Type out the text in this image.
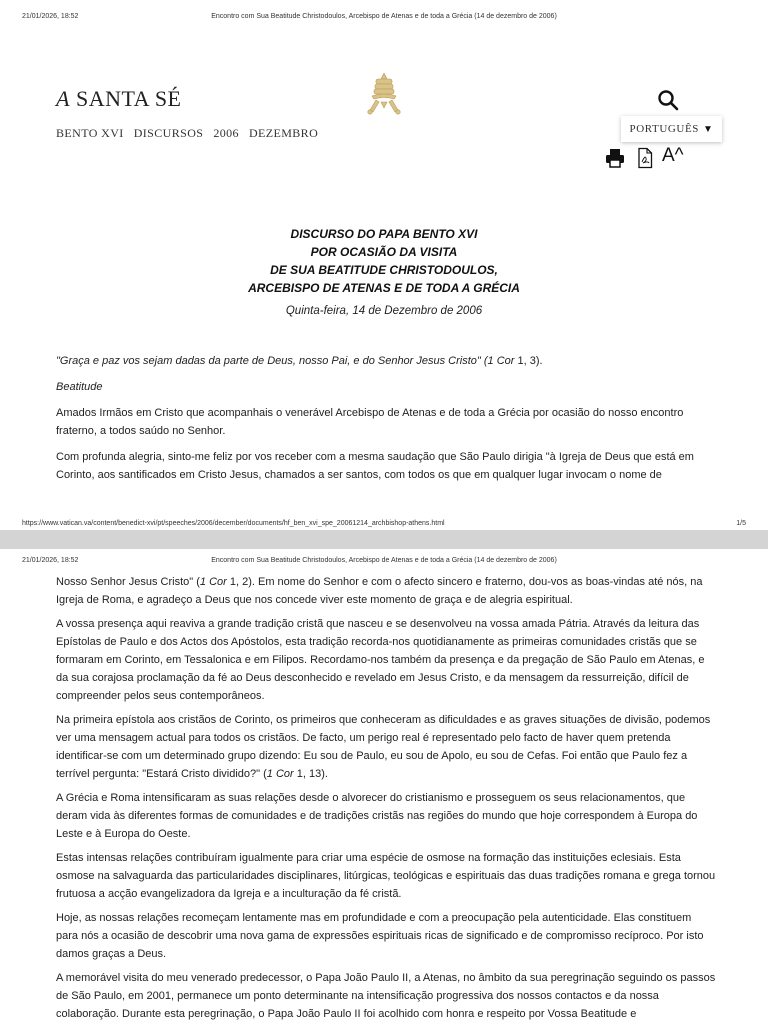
21/01/2026, 18:52	Encontro com Sua Beatitude Christodoulos, Arcebispo de Atenas e de toda a Grécia (14 de dezembro de 2006)
A SANTA SÉ
BENTO XVI DISCURSOS 2006 DEZEMBRO	PORTUGUÊS ▼
A^
DISCURSO DO PAPA BENTO XVI
POR OCASIÃO DA VISITA
DE SUA BEATITUDE CHRISTODOULOS,
ARCEBISPO DE ATENAS E DE TODA A GRÉCIA
Quinta-feira, 14 de Dezembro de 2006

"Graça e paz vos sejam dadas da parte de Deus, nosso Pai, e do Senhor Jesus Cristo" (1 Cor 1, 3).

Beatitude

Amados Irmãos em Cristo que acompanhais o venerável Arcebispo de Atenas e de toda a Grécia por ocasião do nosso encontro fraterno, a todos saúdo no Senhor.

Com profunda alegria, sinto-me feliz por vos receber com a mesma saudação que São Paulo dirigia "à Igreja de Deus que está em Corinto, aos santificados em Cristo Jesus, chamados a ser santos, com todos os que em qualquer lugar invocam o nome de

https://www.vatican.va/content/benedict-xvi/pt/speeches/2006/december/documents/hf_ben_xvi_spe_20061214_archbishop-athens.html	1/5
21/01/2026, 18:52	Encontro com Sua Beatitude Christodoulos, Arcebispo de Atenas e de toda a Grécia (14 de dezembro de 2006)

Nosso Senhor Jesus Cristo" (1 Cor 1, 2). Em nome do Senhor e com o afecto sincero e fraterno, dou-vos as boas-vindas até nós, na Igreja de Roma, e agradeço a Deus que nos concede viver este momento de graça e de alegria espiritual.

A vossa presença aqui reaviva a grande tradição cristã que nasceu e se desenvolveu na vossa amada Pátria. Através da leitura das Epístolas de Paulo e dos Actos dos Apóstolos, esta tradição recorda-nos quotidianamente as primeiras comunidades cristãs que se formaram em Corinto, em Tessalonica e em Filipos. Recordamo-nos também da presença e da pregação de São Paulo em Atenas, e da sua corajosa proclamação da fé ao Deus desconhecido e revelado em Jesus Cristo, e da mensagem da ressurreição, difícil de compreender pelos seus contemporâneos.

Na primeira epístola aos cristãos de Corinto, os primeiros que conheceram as dificuldades e as graves situações de divisão, podemos ver uma mensagem actual para todos os cristãos. De facto, um perigo real é representado pelo facto de haver quem pretenda identificar-se com um determinado grupo dizendo: Eu sou de Paulo, eu sou de Apolo, eu sou de Cefas. Foi então que Paulo fez a terrível pergunta: "Estará Cristo dividido?" (1 Cor 1, 13).

A Grécia e Roma intensificaram as suas relações desde o alvorecer do cristianismo e prosseguem os seus relacionamentos, que deram vida às diferentes formas de comunidades e de tradições cristãs nas regiões do mundo que hoje correspondem à Europa do Leste e à Europa do Oeste.

Estas intensas relações contribuíram igualmente para criar uma espécie de osmose na formação das instituições eclesiais. Esta osmose na salvaguarda das particularidades disciplinares, litúrgicas, teológicas e espirituais das duas tradições romana e grega tornou frutuosa a acção evangelizadora da Igreja e a inculturação da fé cristã.

Hoje, as nossas relações recomeçam lentamente mas em profundidade e com a preocupação pela autenticidade. Elas constituem para nós a ocasião de descobrir uma nova gama de expressões espirituais ricas de significado e de compromisso recíproco. Por isto damos graças a Deus.

A memorável visita do meu venerado predecessor, o Papa João Paulo II, a Atenas, no âmbito da sua peregrinação seguindo os passos de São Paulo, em 2001, permanece um ponto determinante na intensificação progressiva dos nossos contactos e da nossa colaboração. Durante esta peregrinação, o Papa João Paulo II foi acolhido com honra e respeito por Vossa Beatitude e
